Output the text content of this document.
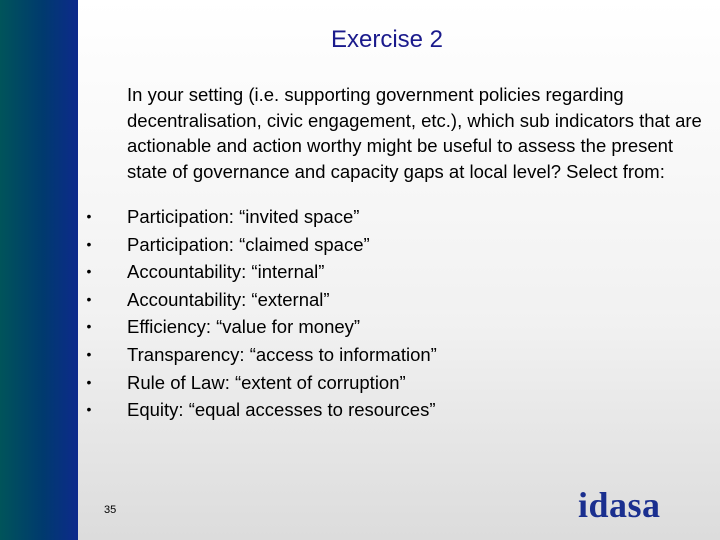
Exercise 2
In your setting (i.e. supporting government policies regarding decentralisation, civic engagement, etc.), which sub indicators that are actionable and action worthy might be useful to assess the present state of governance and capacity gaps at local level? Select from:
• Participation: “invited space”
• Participation: “claimed space”
• Accountability: “internal”
• Accountability: “external”
• Efficiency: “value for money”
• Transparency: “access to information”
• Rule of Law: “extent of corruption”
• Equity: “equal accesses to resources”
35	idasa
